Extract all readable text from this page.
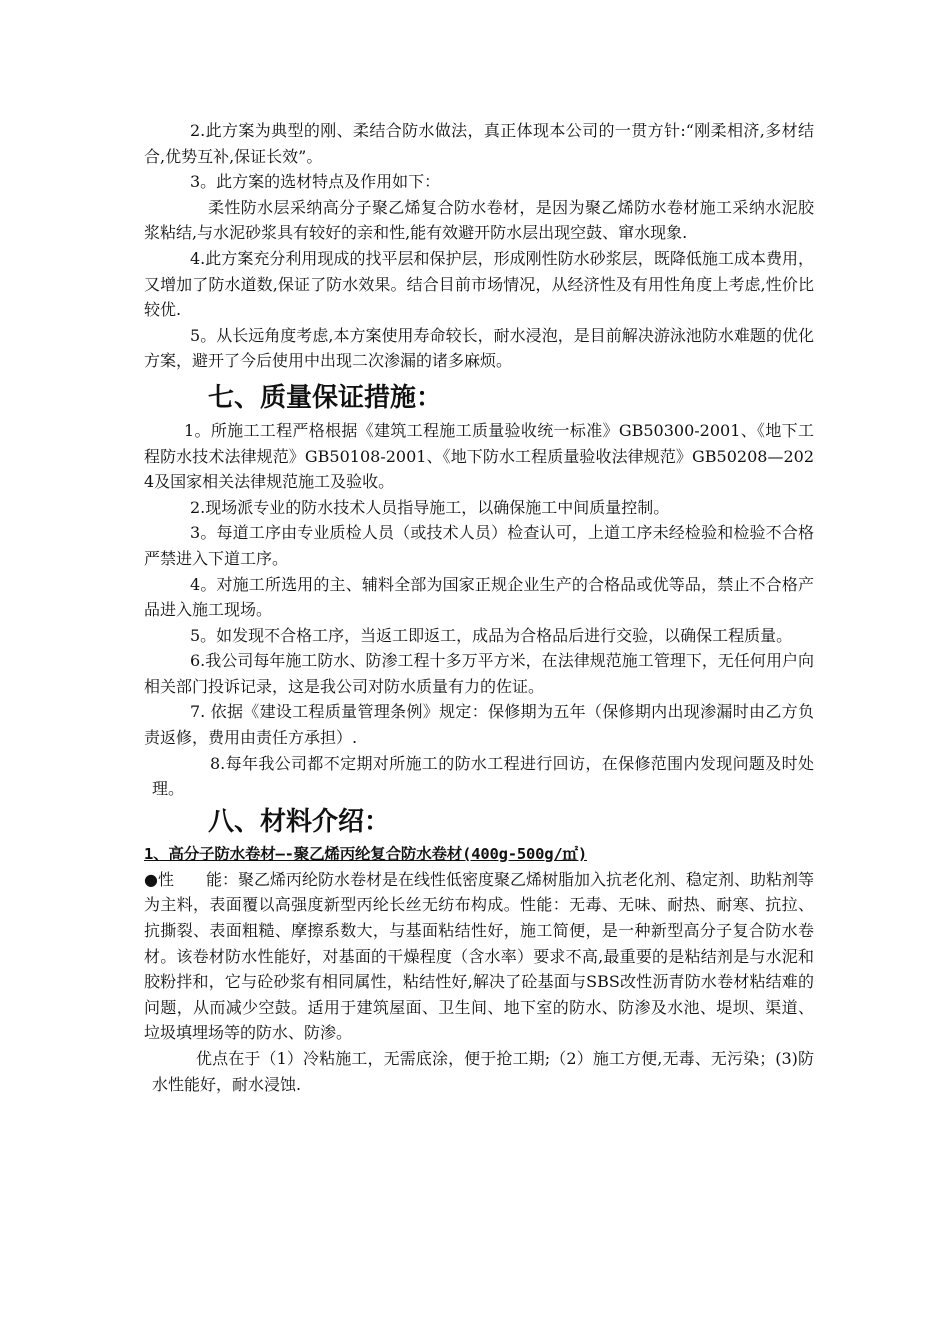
2.此方案为典型的刚、柔结合防水做法，真正体现本公司的一贯方针:“刚柔相济,多材结合,优势互补,保证长效”。

3。此方案的选材特点及作用如下：

柔性防水层采纳高分子聚乙烯复合防水卷材，是因为聚乙烯防水卷材施工采纳水泥胶浆粘结,与水泥砂浆具有较好的亲和性,能有效避开防水层出现空鼓、窜水现象.

4.此方案充分利用现成的找平层和保护层，形成刚性防水砂浆层，既降低施工成本费用，又增加了防水道数,保证了防水效果。结合目前市场情况，从经济性及有用性角度上考虑,性价比较优.

5。从长远角度考虑,本方案使用寿命较长，耐水浸泡，是目前解决游泳池防水难题的优化方案，避开了今后使用中出现二次渗漏的诸多麻烦。

七、质量保证措施：

1。所施工工程严格根据《建筑工程施工质量验收统一标准》GB50300-2001、《地下工程防水技术法律规范》GB50108-2001、《地下防水工程质量验收法律规范》GB50208—2024及国家相关法律规范施工及验收。

2.现场派专业的防水技术人员指导施工，以确保施工中间质量控制。

3。每道工序由专业质检人员（或技术人员）检查认可，上道工序未经检验和检验不合格严禁进入下道工序。

4。对施工所选用的主、辅料全部为国家正规企业生产的合格品或优等品，禁止不合格产品进入施工现场。

5。如发现不合格工序，当返工即返工，成品为合格品后进行交验，以确保工程质量。

6.我公司每年施工防水、防渗工程十多万平方米，在法律规范施工管理下，无任何用户向相关部门投诉记录，这是我公司对防水质量有力的佐证。

7. 依据《建设工程质量管理条例》规定：保修期为五年（保修期内出现渗漏时由乙方负责返修，费用由责任方承担）.

8.每年我公司都不定期对所施工的防水工程进行回访，在保修范围内发现问题及时处理。

八、材料介绍：

1、高分子防水卷材—-聚乙烯丙纶复合防水卷材(400g-500g/㎡)

●性　　能：聚乙烯丙纶防水卷材是在线性低密度聚乙烯树脂加入抗老化剂、稳定剂、助粘剂等为主料，表面覆以高强度新型丙纶长丝无纺布构成。性能：无毒、无味、耐热、耐寒、抗拉、抗撕裂、表面粗糙、摩擦系数大，与基面粘结性好，施工简便，是一种新型高分子复合防水卷材。该卷材防水性能好，对基面的干燥程度（含水率）要求不高,最重要的是粘结剂是与水泥和胶粉拌和，它与砼砂浆有相同属性，粘结性好,解决了砼基面与SBS改性沥青防水卷材粘结难的问题，从而减少空鼓。适用于建筑屋面、卫生间、地下室的防水、防渗及水池、堤坝、渠道、垃圾填埋场等的防水、防渗。

优点在于（1）冷粘施工，无需底涂，便于抢工期;（2）施工方便,无毒、无污染；(3)防水性能好，耐水浸蚀.
